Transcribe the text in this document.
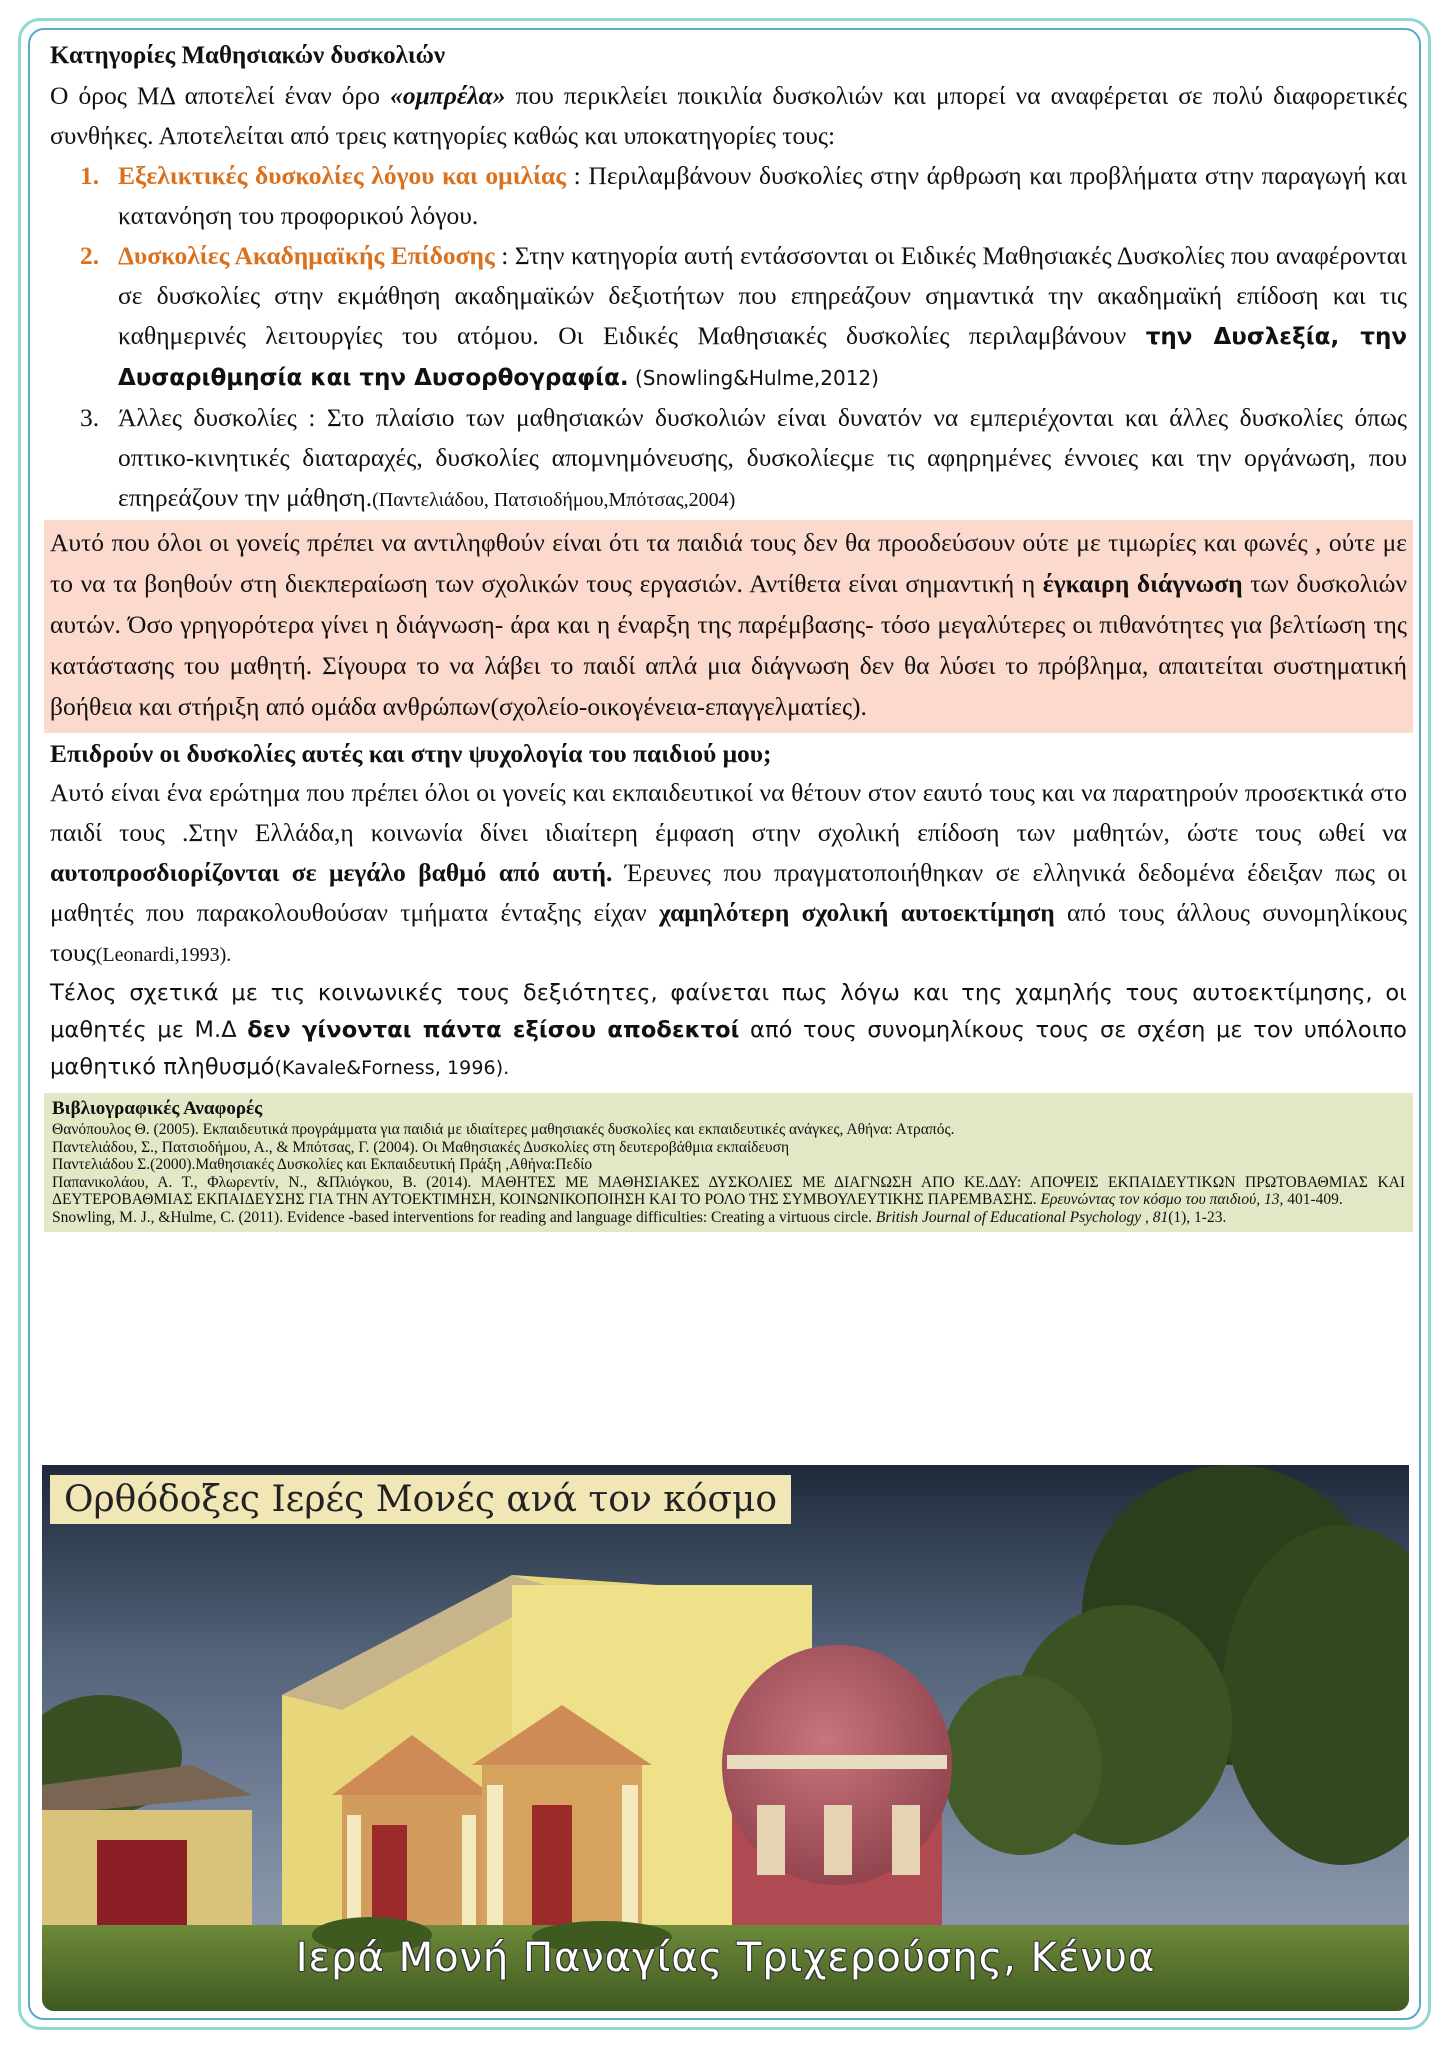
Κατηγορίες Μαθησιακών δυσκολιών

Ο όρος ΜΔ αποτελεί έναν όρο «ομπρέλα» που περικλείει ποικιλία δυσκολιών και μπορεί να αναφέρεται σε πολύ διαφορετικές συνθήκες. Αποτελείται από τρεις κατηγορίες καθώς και υποκατηγορίες τους:

1. Εξελικτικές δυσκολίες λόγου και ομιλίας : Περιλαμβάνουν δυσκολίες στην άρθρωση και προβλήματα στην παραγωγή και κατανόηση του προφορικού λόγου.
2. Δυσκολίες Ακαδημαϊκής Επίδοσης : Στην κατηγορία αυτή εντάσσονται οι Ειδικές Μαθησιακές Δυσκολίες που αναφέρονται σε δυσκολίες στην εκμάθηση ακαδημαϊκών δεξιοτήτων που επηρεάζουν σημαντικά την ακαδημαϊκή επίδοση και τις καθημερινές λειτουργίες του ατόμου. Οι Ειδικές Μαθησιακές δυσκολίες περιλαμβάνουν την Δυσλεξία, την Δυσαριθμησία και την Δυσορθογραφία. (Snowling&Hulme,2012)
3. Άλλες δυσκολίες : Στο πλαίσιο των μαθησιακών δυσκολιών είναι δυνατόν να εμπεριέχονται και άλλες δυσκολίες όπως οπτικο-κινητικές διαταραχές, δυσκολίες απομνημόνευσης, δυσκολίεςμε τις αφηρημένες έννοιες και την οργάνωση, που επηρεάζουν την μάθηση.(Παντελιάδου, Πατσιοδήμου,Μπότσας,2004)

Αυτό που όλοι οι γονείς πρέπει να αντιληφθούν είναι ότι τα παιδιά τους δεν θα προοδεύσουν ούτε με τιμωρίες και φωνές , ούτε με το να τα βοηθούν στη διεκπεραίωση των σχολικών τους εργασιών. Αντίθετα είναι σημαντική η έγκαιρη διάγνωση των δυσκολιών αυτών. Όσο γρηγορότερα γίνει η διάγνωση- άρα και η έναρξη της παρέμβασης- τόσο μεγαλύτερες οι πιθανότητες για βελτίωση της κατάστασης του μαθητή. Σίγουρα το να λάβει το παιδί απλά μια διάγνωση δεν θα λύσει το πρόβλημα, απαιτείται συστηματική βοήθεια και στήριξη από ομάδα ανθρώπων(σχολείο-οικογένεια-επαγγελματίες).

Επιδρούν οι δυσκολίες αυτές και στην ψυχολογία του παιδιού μου;

Αυτό είναι ένα ερώτημα που πρέπει όλοι οι γονείς και εκπαιδευτικοί να θέτουν στον εαυτό τους και να παρατηρούν προσεκτικά στο παιδί τους .Στην Ελλάδα,η κοινωνία δίνει ιδιαίτερη έμφαση στην σχολική επίδοση των μαθητών, ώστε τους ωθεί να αυτοπροσδιορίζονται σε μεγάλο βαθμό από αυτή. Έρευνες που πραγματοποιήθηκαν σε ελληνικά δεδομένα έδειξαν πως οι μαθητές που παρακολουθούσαν τμήματα ένταξης είχαν χαμηλότερη σχολική αυτοεκτίμηση από τους άλλους συνομηλίκους τους(Leonardi,1993).

Τέλος σχετικά με τις κοινωνικές τους δεξιότητες, φαίνεται πως λόγω και της χαμηλής τους αυτοεκτίμησης, οι μαθητές με Μ.Δ δεν γίνονται πάντα εξίσου αποδεκτοί από τους συνομηλίκους τους σε σχέση με τον υπόλοιπο μαθητικό πληθυσμό(Kavale&Forness, 1996).

Βιβλιογραφικές Αναφορές
Θανόπουλος Θ. (2005). Εκπαιδευτικά προγράμματα για παιδιά με ιδιαίτερες μαθησιακές δυσκολίες και εκπαιδευτικές ανάγκες, Αθήνα: Ατραπός.
Παντελιάδου, Σ., Πατσιοδήμου, Α., & Μπότσας, Γ. (2004). Οι Μαθησιακές Δυσκολίες στη δευτεροβάθμια εκπαίδευση
Παντελιάδου Σ.(2000).Μαθησιακές Δυσκολίες και Εκπαιδευτική Πράξη ,Αθήνα:Πεδίο
Παπανικολάου, Α. Τ., Φλωρεντίν, Ν., &Πλιόγκου, Β. (2014). ΜΑΘΗΤΕΣ ΜΕ ΜΑΘΗΣΙΑΚΕΣ ΔΥΣΚΟΛΙΕΣ ΜΕ ΔΙΑΓΝΩΣΗ ΑΠΟ ΚΕ.ΔΔΥ: ΑΠΟΨΕΙΣ ΕΚΠΑΙΔΕΥΤΙΚΩΝ ΠΡΩΤΟΒΑΘΜΙΑΣ ΚΑΙ ΔΕΥΤΕΡΟΒΑΘΜΙΑΣ ΕΚΠΑΙΔΕΥΣΗΣ ΓΙΑ ΤΗΝ ΑΥΤΟΕΚΤΙΜΗΣΗ, ΚΟΙΝΩΝΙΚΟΠΟΙΗΣΗ ΚΑΙ ΤΟ ΡΟΛΟ ΤΗΣ ΣΥΜΒΟΥΛΕΥΤΙΚΗΣ ΠΑΡΕΜΒΑΣΗΣ. Ερευνώντας τον κόσμο του παιδιού, 13, 401-409.
Snowling, M. J., &Hulme, C. (2011). Evidence -based interventions for reading and language difficulties: Creating a virtuous circle. British Journal of Educational Psychology , 81(1), 1-23.
Ορθόδοξες Ιερές Μονές ανά τον κόσμο
Ιερά Μονή Παναγίας Τριχερούσης, Κένυα
